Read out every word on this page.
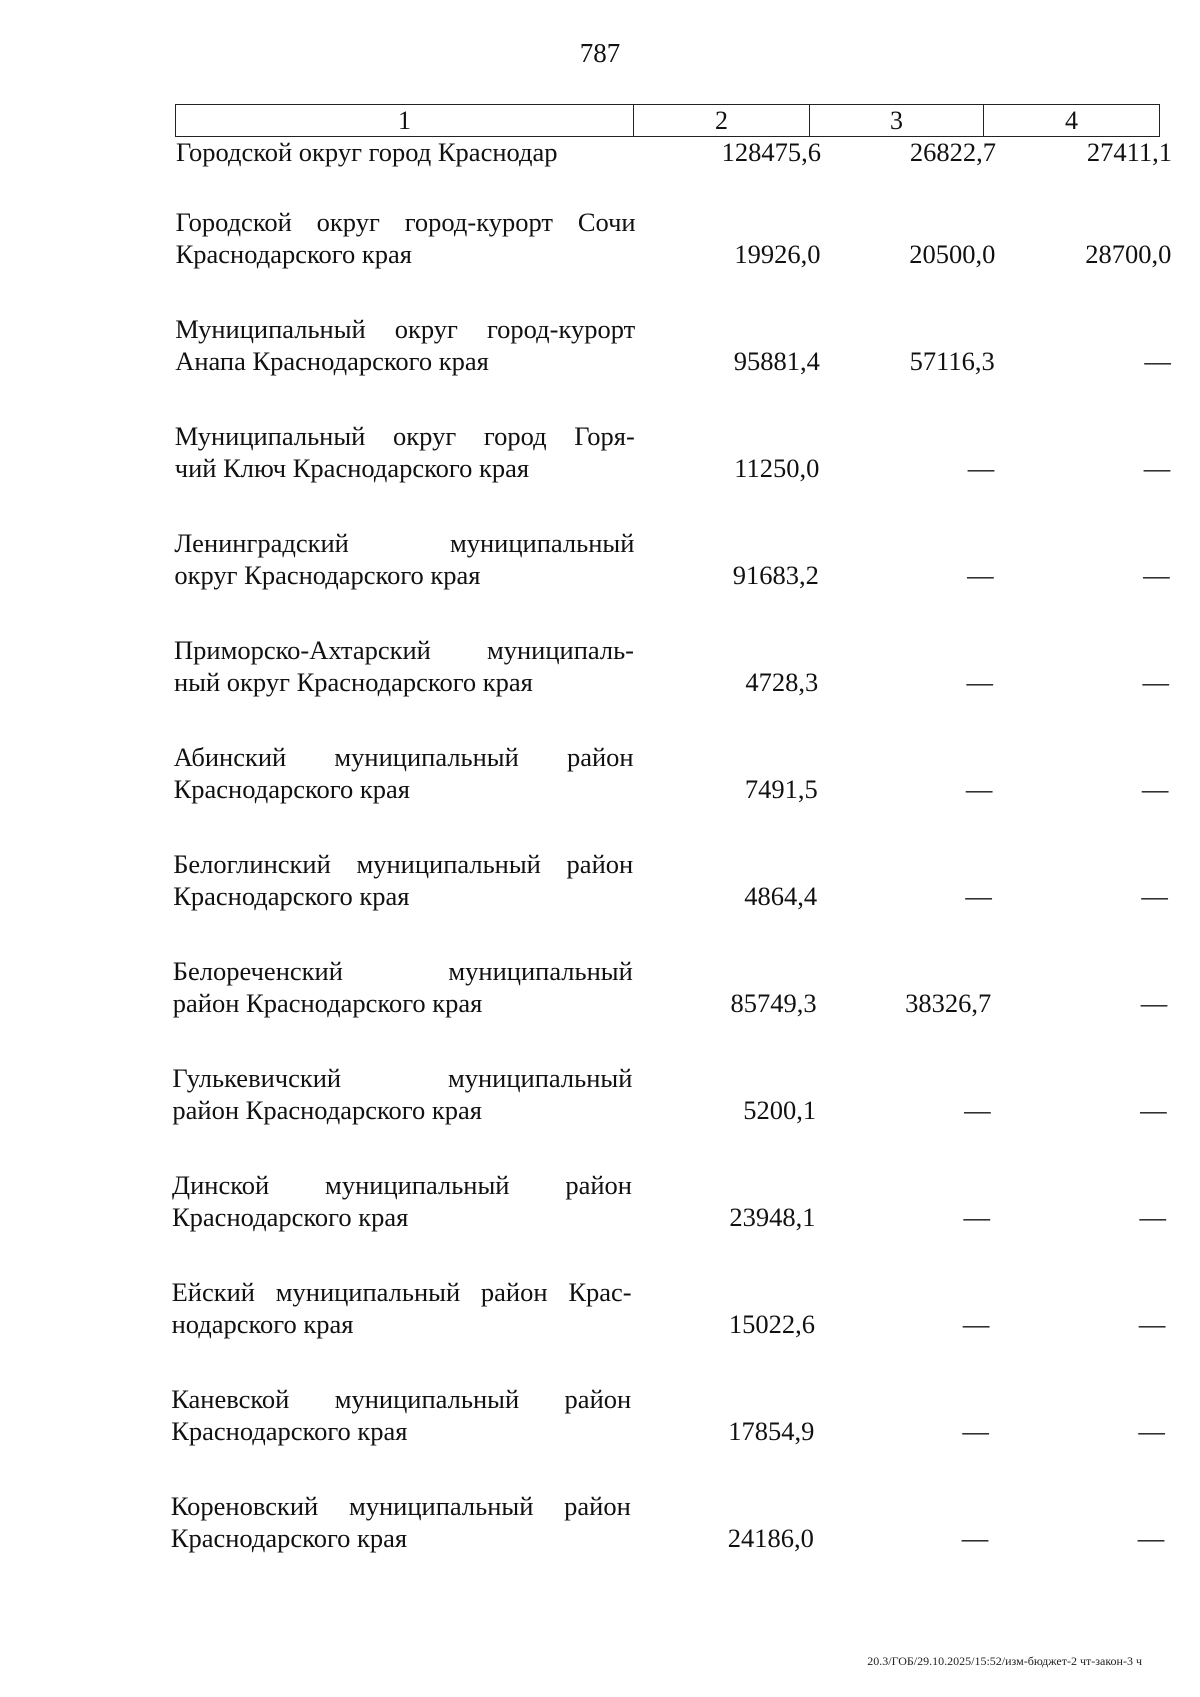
787
1	2	3	4
Городской округ город Краснодар	128475,6	26822,7	27411,1
Городской округ город-курорт Сочи
Краснодарского края	19926,0	20500,0	28700,0
Муниципальный округ город-курорт
Анапа Краснодарского края	95881,4	57116,3	—
Муниципальный округ город Горя-
чий Ключ Краснодарского края	11250,0	—	—
Ленинградский муниципальный
округ Краснодарского края	91683,2	—	—
Приморско-Ахтарский муниципаль-
ный округ Краснодарского края	4728,3	—	—
Абинский муниципальный район
Краснодарского края	7491,5	—	—
Белоглинский муниципальный район
Краснодарского края	4864,4	—	—
Белореченский муниципальный
район Краснодарского края	85749,3	38326,7	—
Гулькевичский муниципальный
район Краснодарского края	5200,1	—	—
Динской муниципальный район
Краснодарского края	23948,1	—	—
Ейский муниципальный район Крас-
нодарского края	15022,6	—	—
Каневской муниципальный район
Краснодарского края	17854,9	—	—
Кореновский муниципальный район
Краснодарского края	24186,0	—	—
20.3/ГОБ/29.10.2025/15:52/изм-бюджет-2 чт-закон-3 ч
